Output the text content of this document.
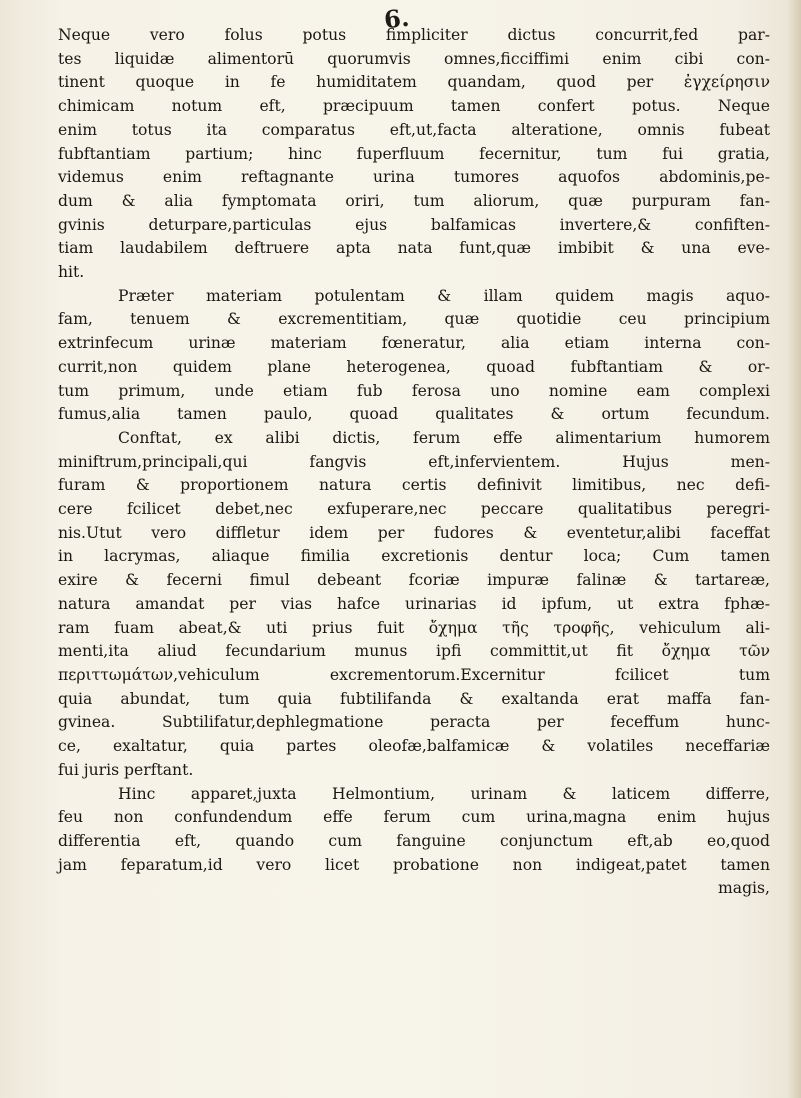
6.
Neque vero folus potus fimpliciter dictus concurrit,fed par-
tes liquidæ alimentorū quorumvis omnes,ficciffimi enim cibi con-
tinent quoque in fe humiditatem quandam, quod per ἐγχείρησιν
chimicam notum eft, præcipuum tamen confert potus. Neque
enim totus ita comparatus eft,ut,facta alteratione, omnis fubeat
fubftantiam partium; hinc fuperfluum fecernitur, tum fui gratia,
videmus enim reftagnante urina tumores aquofos abdominis,pe-
dum & alia fymptomata oriri, tum aliorum, quæ purpuram fan-
gvinis deturpare,particulas ejus balfamicas invertere,& confiften-
tiam laudabilem deftruere apta nata funt,quæ imbibit & una eve-
hit.
Præter materiam potulentam & illam quidem magis aquo-
fam, tenuem & excrementitiam, quæ quotidie ceu principium
extrinfecum urinæ materiam fœneratur, alia etiam interna con-
currit,non quidem plane heterogenea, quoad fubftantiam & or-
tum primum, unde etiam fub ferosa uno nomine eam complexi
fumus,alia tamen paulo, quoad qualitates & ortum fecundum.
Conftat, ex alibi dictis, ferum effe alimentarium humorem
miniftrum,principali,qui fangvis eft,infervientem. Hujus men-
furam & proportionem natura certis definivit limitibus, nec defi-
cere fcilicet debet,nec exfuperare,nec peccare qualitatibus peregri-
nis.Utut vero diffletur idem per fudores & eventetur,alibi faceffat
in lacrymas, aliaque fimilia excretionis dentur loca; Cum tamen
exire & fecerni fimul debeant fcoriæ impuræ falinæ & tartareæ,
natura amandat per vias hafce urinarias id ipfum, ut extra fphæ-
ram fuam abeat,& uti prius fuit ὄχημα τῆς τροφῆς, vehiculum ali-
menti,ita aliud fecundarium munus ipfi committit,ut fit ὄχημα τῶν
περιττωμάτων,vehiculum excrementorum.Excernitur fcilicet tum
quia abundat, tum quia fubtilifanda & exaltanda erat maffa fan-
gvinea. Subtilifatur,dephlegmatione peracta per feceffum hunc-
ce, exaltatur, quia partes oleofæ,balfamicæ & volatiles neceffariæ
fui juris perftant.
Hinc apparet,juxta Helmontium, urinam & laticem differre,
feu non confundendum effe ferum cum urina,magna enim hujus
differentia eft, quando cum fanguine conjunctum eft,ab eo,quod
jam feparatum,id vero licet probatione non indigeat,patet tamen
magis,
